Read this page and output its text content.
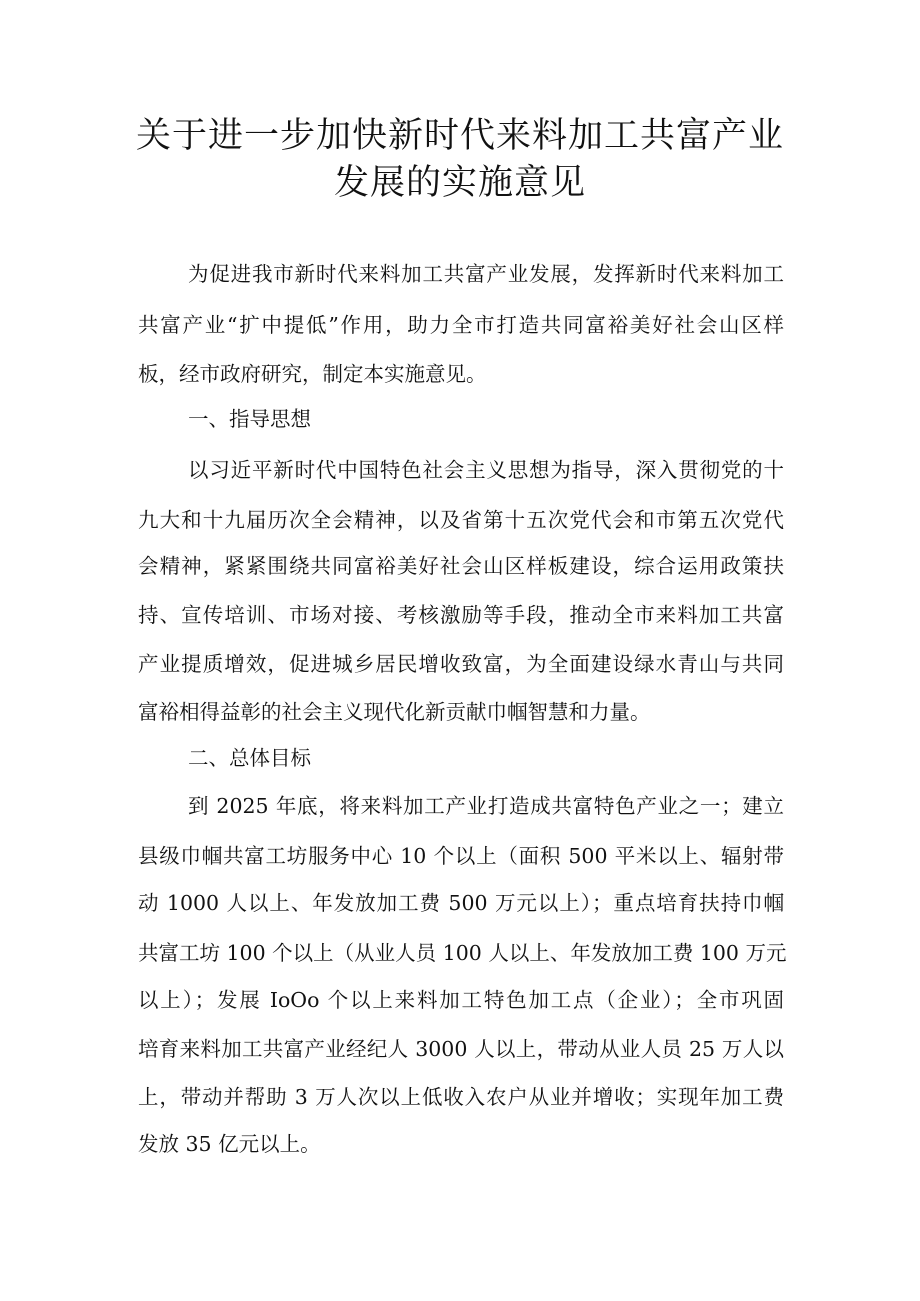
关于进一步加快新时代来料加工共富产业
发展的实施意见

为促进我市新时代来料加工共富产业发展，发挥新时代来料加工

共富产业“扩中提低”作用，助力全市打造共同富裕美好社会山区样

板，经市政府研究，制定本实施意见。

一、指导思想

以习近平新时代中国特色社会主义思想为指导，深入贯彻党的十

九大和十九届历次全会精神，以及省第十五次党代会和市第五次党代

会精神，紧紧围绕共同富裕美好社会山区样板建设，综合运用政策扶

持、宣传培训、市场对接、考核激励等手段，推动全市来料加工共富

产业提质增效，促进城乡居民增收致富，为全面建设绿水青山与共同

富裕相得益彰的社会主义现代化新贡献巾帼智慧和力量。

二、总体目标

到 2025 年底，将来料加工产业打造成共富特色产业之一；建立

县级巾帼共富工坊服务中心 10 个以上（面积 500 平米以上、辐射带

动 1000 人以上、年发放加工费 500 万元以上）；重点培育扶持巾帼

共富工坊 100 个以上（从业人员 100 人以上、年发放加工费 100 万元

以上）；发展 IoOo 个以上来料加工特色加工点（企业）；全市巩固

培育来料加工共富产业经纪人 3000 人以上，带动从业人员 25 万人以

上，带动并帮助 3 万人次以上低收入农户从业并增收；实现年加工费

发放 35 亿元以上。
